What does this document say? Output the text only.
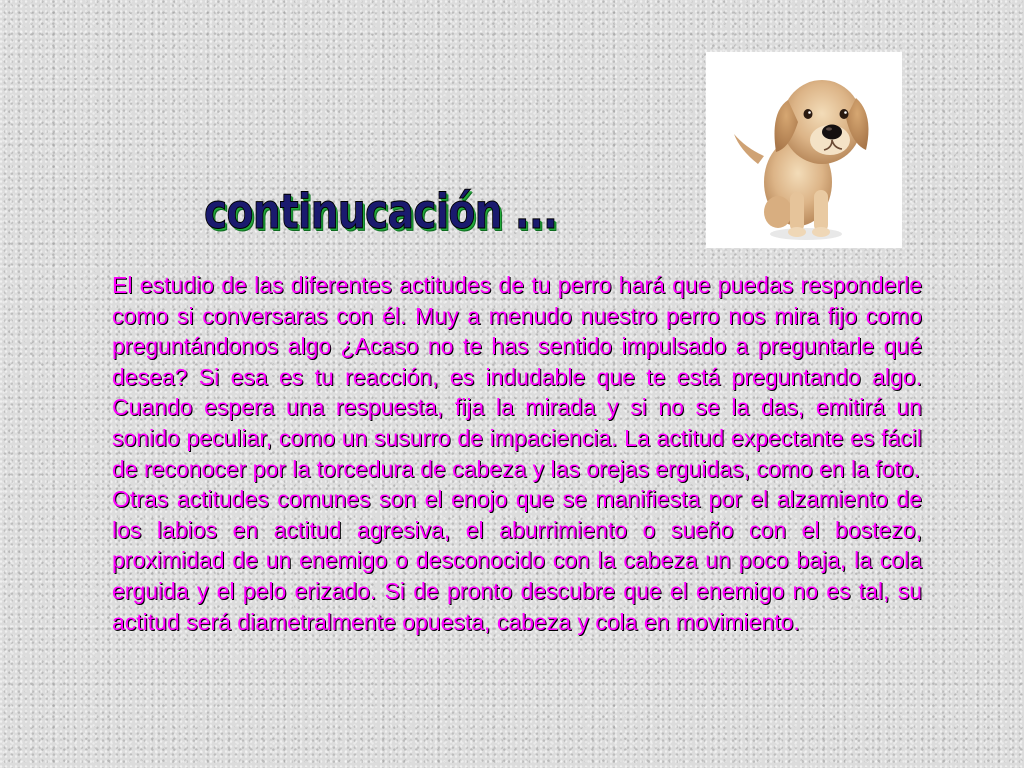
continucación ...

El estudio de las diferentes actitudes de tu perro hará que puedas responderle como si conversaras con él. Muy a menudo nuestro perro nos mira fijo como preguntándonos algo ¿Acaso no te has sentido impulsado a preguntarle qué desea? Si esa es tu reacción, es indudable que te está preguntando algo. Cuando espera una respuesta, fija la mirada y si no se la das, emitirá un sonido peculiar, como un susurro de impaciencia. La actitud expectante es fácil de reconocer por la torcedura de cabeza y las orejas erguidas, como en la foto.

Otras actitudes comunes son el enojo que se manifiesta por el alzamiento de los labios en actitud agresiva, el aburrimiento o sueño con el bostezo, proximidad de un enemigo o desconocido con la cabeza un poco baja, la cola erguida y el pelo erizado. Si de pronto descubre que el enemigo no es tal, su actitud será diametralmente opuesta, cabeza y cola en movimiento.
